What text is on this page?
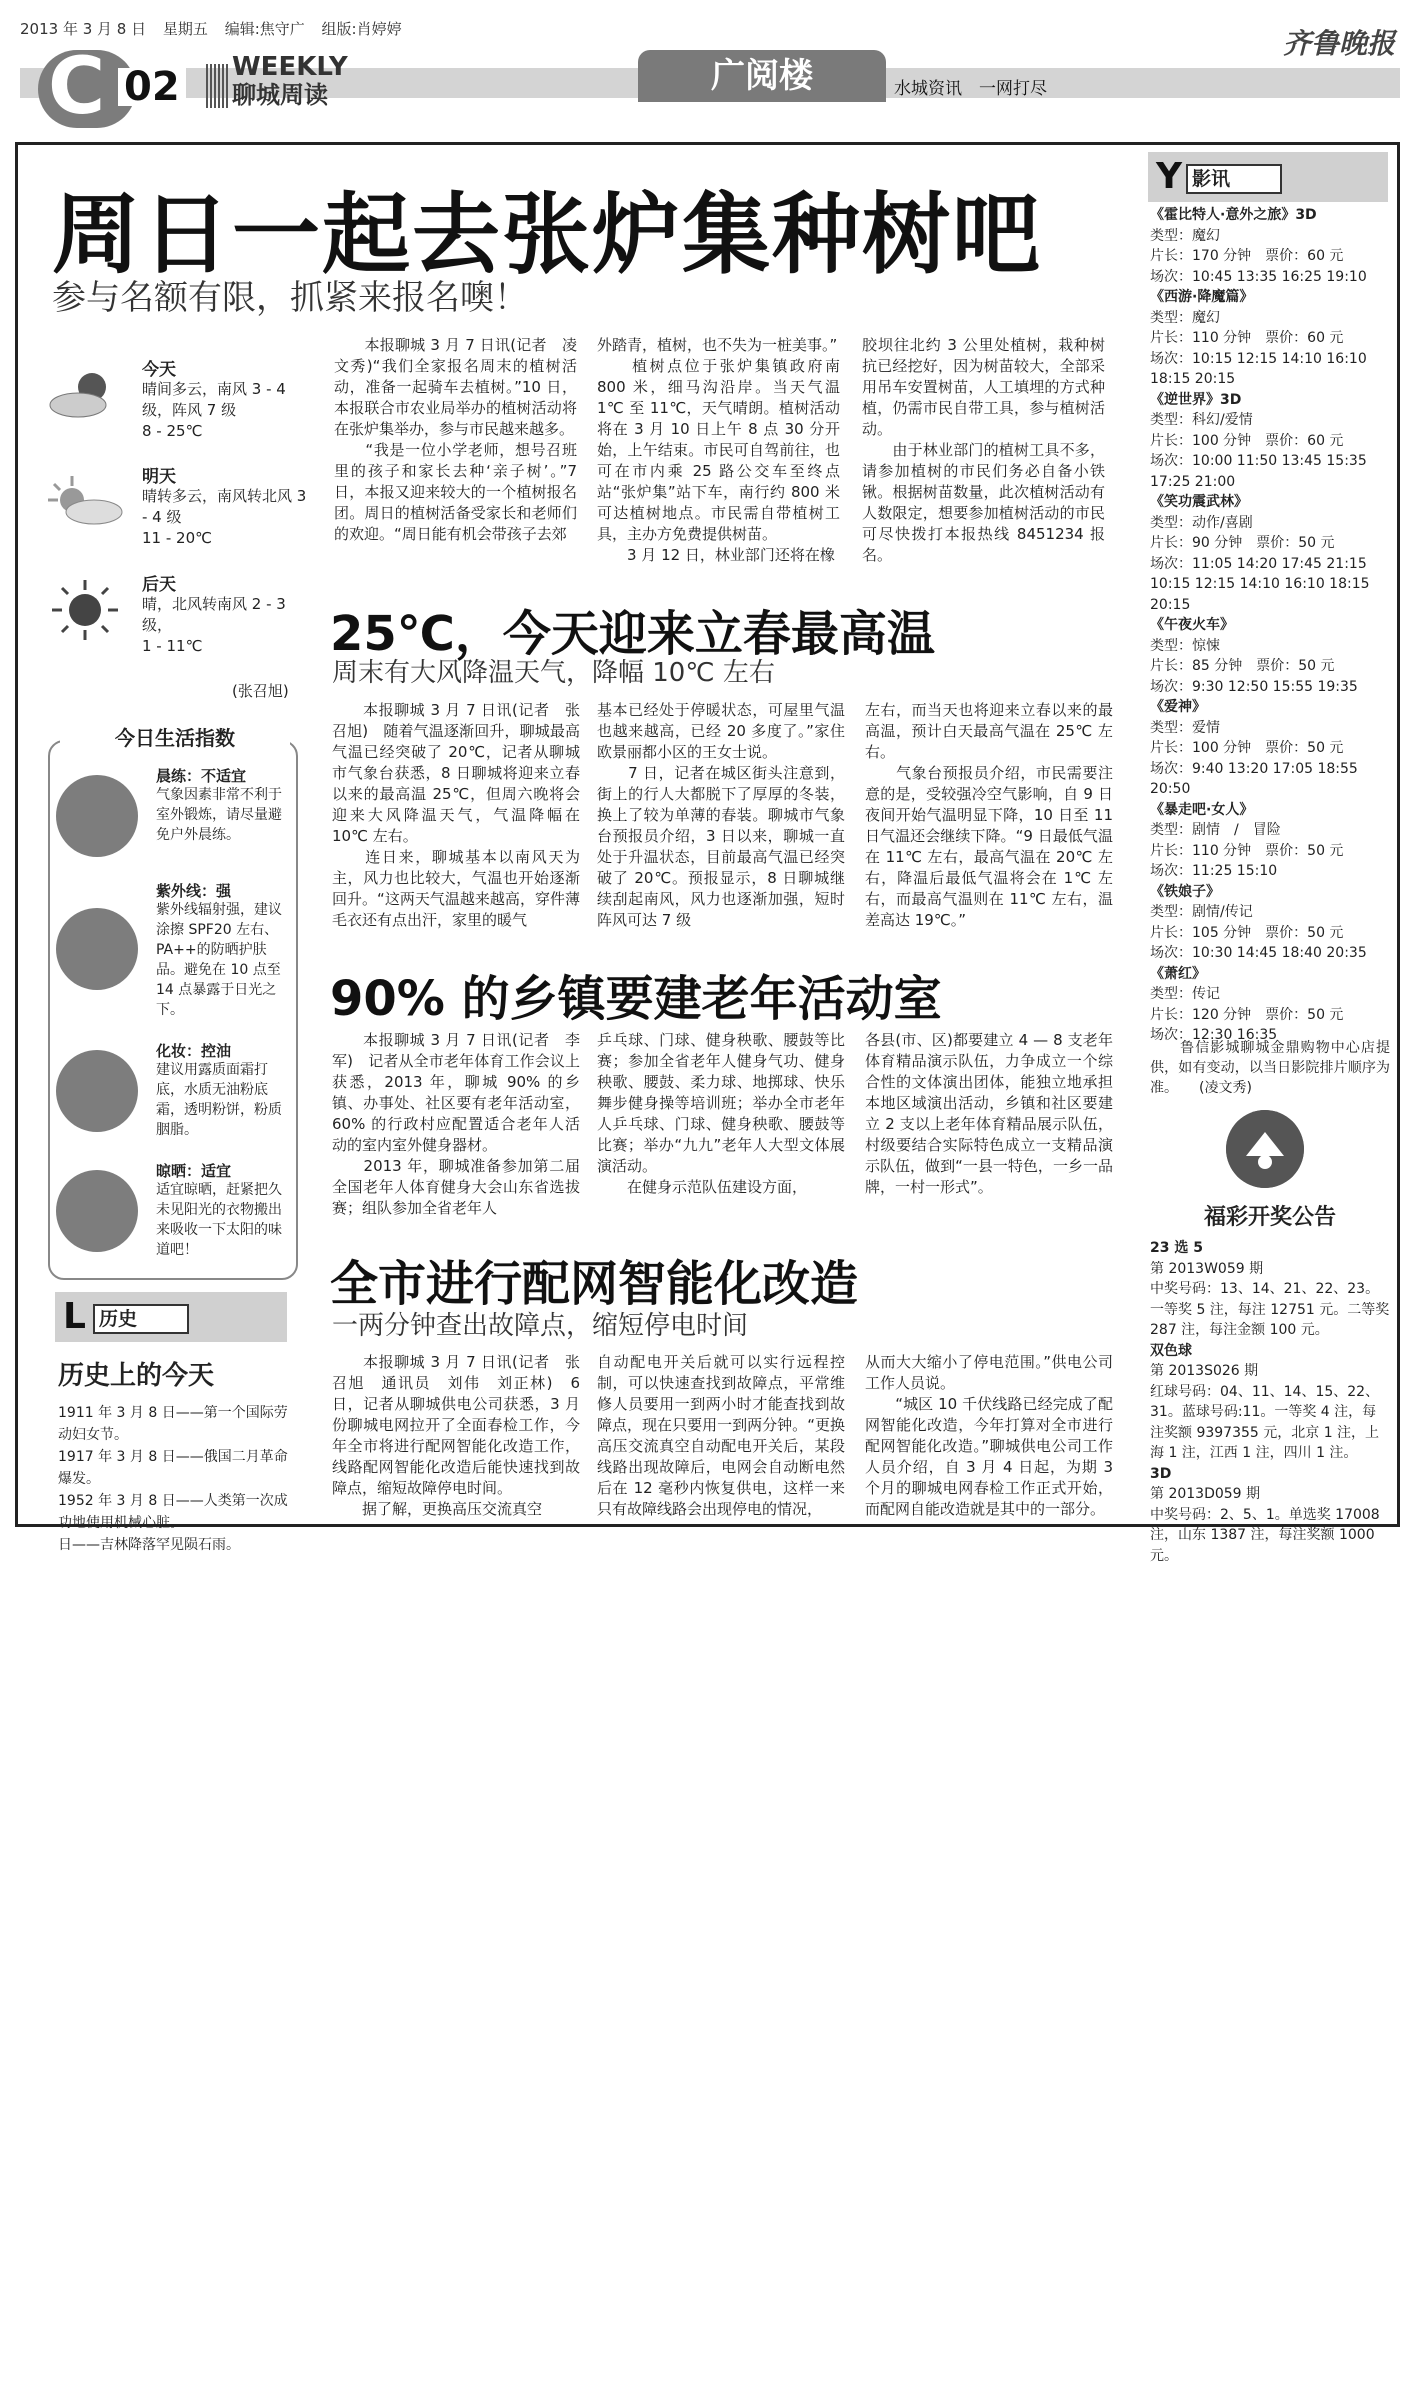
2013 年 3 月 8 日 星期五 编辑:焦守广 组版:肖婷婷	齐鲁晚报
C 02 WEEKLY
聊城周读	广阅楼	水城资讯　一网打尽
周日一起去张炉集种树吧
参与名额有限，抓紧来报名噢！
　　本报聊城 3 月 7 日讯(记者　凌文秀)“我们全家报名周末的植树活动，准备一起骑车去植树。”10 日，本报联合市农业局举办的植树活动将在张炉集举办，参与市民越来越多。
　　“我是一位小学老师，想号召班里的孩子和家长去种‘亲子树’。”7 日，本报又迎来较大的一个植树报名团。周日的植树活备受家长和老师们的欢迎。“周日能有机会带孩子去郊
外踏青，植树，也不失为一桩美事。”
　　植树点位于张炉集镇政府南 800 米，细马沟沿岸。当天气温 1℃ 至 11℃，天气晴朗。植树活动将在 3 月 10 日上午 8 点 30 分开始，上午结束。市民可自驾前往，也可在市内乘 25 路公交车至终点站“张炉集”站下车，南行约 800 米可达植树地点。市民需自带植树工具，主办方免费提供树苗。
　　3 月 12 日，林业部门还将在橡
胶坝往北约 3 公里处植树，栽种树抗已经挖好，因为树苗较大，全部采用吊车安置树苗，人工填埋的方式种植，仍需市民自带工具，参与植树活动。
　　由于林业部门的植树工具不多，请参加植树的市民们务必自备小铁锹。根据树苗数量，此次植树活动有人数限定，想要参加植树活动的市民可尽快拨打本报热线 8451234 报名。
今天
晴间多云，南风 3 - 4 级，阵风 7 级
8 - 25℃
明天
晴转多云，南风转北风 3 - 4 级
11 - 20℃
后天
晴，北风转南风 2 - 3 级，
1 - 11℃
(张召旭)
今日生活指数
晨练：不适宜
气象因素非常不利于室外锻炼，请尽量避免户外晨练。
紫外线：强
紫外线辐射强，建议涂擦 SPF20 左右、PA++的防晒护肤品。避免在 10 点至 14 点暴露于日光之下。
化妆：控油
建议用露质面霜打底，水质无油粉底霜，透明粉饼，粉质胭脂。
晾晒：适宜
适宜晾晒，赶紧把久未见阳光的衣物搬出来吸收一下太阳的味道吧！
L 历史
历史上的今天
1911 年 3 月 8 日——第一个国际劳动妇女节。
1917 年 3 月 8 日——俄国二月革命爆发。
1952 年 3 月 8 日——人类第一次成功地使用机械心脏。
日——吉林降落罕见陨石雨。
25℃，今天迎来立春最高温
周末有大风降温天气，降幅 10℃ 左右
　　本报聊城 3 月 7 日讯(记者　张召旭)　随着气温逐渐回升，聊城最高气温已经突破了 20℃，记者从聊城市气象台获悉，8 日聊城将迎来立春以来的最高温 25℃，但周六晚将会迎来大风降温天气，气温降幅在 10℃ 左右。
　　连日来，聊城基本以南风天为主，风力也比较大，气温也开始逐渐回升。“这两天气温越来越高，穿件薄毛衣还有点出汗，家里的暖气
基本已经处于停暖状态，可屋里气温也越来越高，已经 20 多度了。”家住欧景丽都小区的王女士说。
　　7 日，记者在城区街头注意到，街上的行人大都脱下了厚厚的冬装，换上了较为单薄的春装。聊城市气象台预报员介绍，3 日以来，聊城一直处于升温状态，目前最高气温已经突破了 20℃。预报显示，8 日聊城继续刮起南风，风力也逐渐加强，短时阵风可达 7 级
左右，而当天也将迎来立春以来的最高温，预计白天最高气温在 25℃ 左右。
　　气象台预报员介绍，市民需要注意的是，受较强冷空气影响，自 9 日夜间开始气温明显下降，10 日至 11 日气温还会继续下降。“9 日最低气温在 11℃ 左右，最高气温在 20℃ 左右，降温后最低气温将会在 1℃ 左右，而最高气温则在 11℃ 左右，温差高达 19℃。”
90% 的乡镇要建老年活动室
　　本报聊城 3 月 7 日讯(记者　李军)　记者从全市老年体育工作会议上获悉，2013 年，聊城 90% 的乡镇、办事处、社区要有老年活动室，60% 的行政村应配置适合老年人活动的室内室外健身器材。
　　2013 年，聊城准备参加第二届全国老年人体育健身大会山东省选拔赛；组队参加全省老年人
乒乓球、门球、健身秧歌、腰鼓等比赛；参加全省老年人健身气功、健身秧歌、腰鼓、柔力球、地掷球、快乐舞步健身操等培训班；举办全市老年人乒乓球、门球、健身秧歌、腰鼓等比赛；举办“九九”老年人大型文体展演活动。
　　在健身示范队伍建设方面，
各县(市、区)都要建立 4 — 8 支老年体育精品演示队伍，力争成立一个综合性的文体演出团体，能独立地承担本地区域演出活动，乡镇和社区要建立 2 支以上老年体育精品展示队伍，村级要结合实际特色成立一支精品演示队伍，做到“一县一特色，一乡一品牌，一村一形式”。
全市进行配网智能化改造
一两分钟查出故障点，缩短停电时间
　　本报聊城 3 月 7 日讯(记者　张召旭　通讯员　刘伟　刘正林)　6 日，记者从聊城供电公司获悉，3 月份聊城电网拉开了全面春检工作，今年全市将进行配网智能化改造工作，线路配网智能化改造后能快速找到故障点，缩短故障停电时间。
　　据了解，更换高压交流真空
自动配电开关后就可以实行远程控制，可以快速查找到故障点，平常维修人员要用一到两小时才能查找到故障点，现在只要用一到两分钟。“更换高压交流真空自动配电开关后，某段线路出现故障后，电网会自动断电然后在 12 毫秒内恢复供电，这样一来只有故障线路会出现停电的情况，
从而大大缩小了停电范围。”供电公司工作人员说。
　　“城区 10 千伏线路已经完成了配网智能化改造，今年打算对全市进行配网智能化改造。”聊城供电公司工作人员介绍，自 3 月 4 日起，为期 3 个月的聊城电网春检工作正式开始，而配网自能改造就是其中的一部分。
Y 影讯
《霍比特人·意外之旅》3D
类型：魔幻
片长：170 分钟　票价：60 元
场次：10:45 13:35 16:25 19:10
《西游·降魔篇》
类型：魔幻
片长：110 分钟　票价：60 元
场次：10:15 12:15 14:10 16:10 18:15 20:15
《逆世界》3D
类型：科幻/爱情
片长：100 分钟　票价：60 元
场次：10:00 11:50 13:45 15:35 17:25 21:00
《笑功震武林》
类型：动作/喜剧
片长：90 分钟　票价：50 元
场次：11:05 14:20 17:45 21:15 10:15 12:15 14:10 16:10 18:15 20:15
《午夜火车》
类型：惊悚
片长：85 分钟　票价：50 元
场次：9:30 12:50 15:55 19:35
《爱神》
类型：爱情
片长：100 分钟　票价：50 元
场次：9:40 13:20 17:05 18:55 20:50
《暴走吧·女人》
类型：剧情　/　冒险
片长：110 分钟　票价：50 元
场次：11:25 15:10
《铁娘子》
类型：剧情/传记
片长：105 分钟　票价：50 元
场次：10:30 14:45 18:40 20:35
《萧红》
类型：传记
片长：120 分钟　票价：50 元
场次：12:30 16:35
　　鲁信影城聊城金鼎购物中心店提供，如有变动，以当日影院排片顺序为准。　　(凌文秀)
福彩开奖公告
23 选 5
第 2013W059 期
中奖号码：13、14、21、22、23。一等奖 5 注，每注 12751 元。二等奖 287 注，每注金额 100 元。
双色球
第 2013S026 期
红球号码：04、11、14、15、22、31。蓝球号码:11。一等奖 4 注，每注奖额 9397355 元，北京 1 注，上海 1 注，江西 1 注，四川 1 注。
3D
第 2013D059 期
中奖号码：2、5、1。单选奖 17008 注，山东 1387 注，每注奖额 1000 元。
